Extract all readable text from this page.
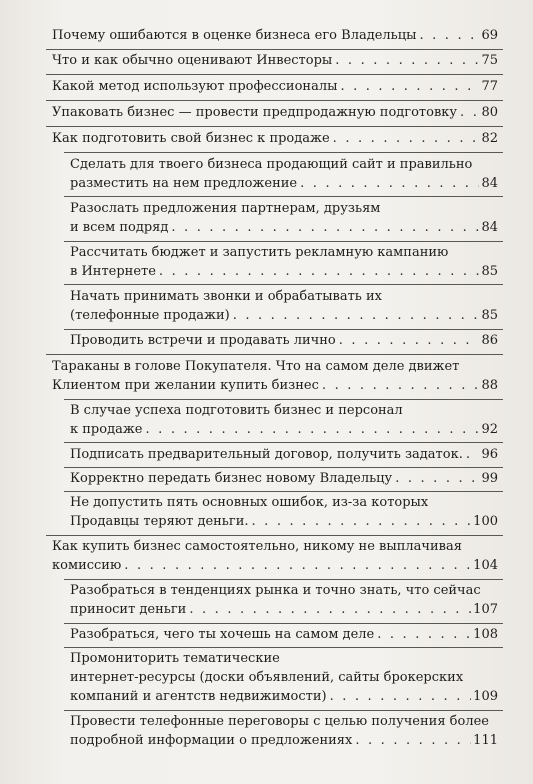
Почему ошибаются в оценке бизнеса его Владельцы . . .	69
Что и как обычно оценивают Инвесторы . . .	75
Какой метод используют профессионалы . . .	77
Упаковать бизнес — провести предпродажную подготовку . . . 80
Как подготовить свой бизнес к продаже . . .	82
Сделать для твоего бизнеса продающий сайт и правильно
разместить на нем предложение . . .	84
Разослать предложения партнерам, друзьям
и всем подряд . . .	84
Рассчитать бюджет и запустить рекламную кампанию
в Интернете . . .	85
Начать принимать звонки и обрабатывать их
(телефонные продажи) . . .	85
Проводить встречи и продавать лично . . .	86
Тараканы в голове Покупателя. Что на самом деле движет
Клиентом при желании купить бизнес . . .	88
В случае успеха подготовить бизнес и персонал
к продаже . . .	92
Подписать предварительный договор, получить задаток. . . . 96
Корректно передать бизнес новому Владельцу . . .	99
Не допустить пять основных ошибок, из-за которых
Продавцы теряют деньги. . . .	100
Как купить бизнес самостоятельно, никому не выплачивая
комиссию . . .	104
Разобраться в тенденциях рынка и точно знать, что сейчас
приносит деньги . . .	107
Разобраться, чего ты хочешь на самом деле . . .	108
Промониторить тематические
интернет-ресурсы (доски объявлений, сайты брокерских
компаний и агентств недвижимости) . . .	109
Провести телефонные переговоры с целью получения более
подробной информации о предложениях . . .	111
